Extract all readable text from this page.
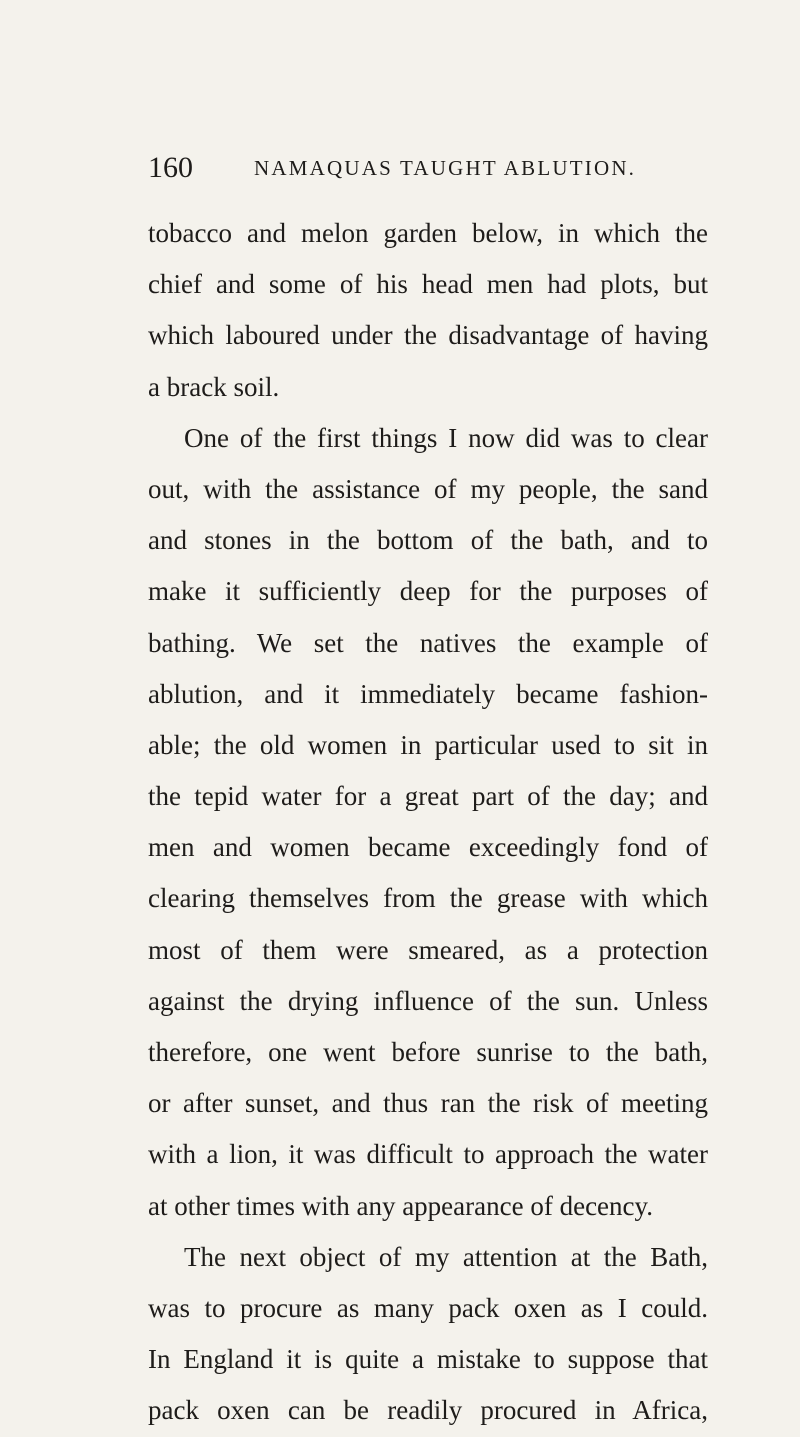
160	NAMAQUAS TAUGHT ABLUTION.
tobacco and melon garden below, in which the
chief and some of his head men had plots, but
which laboured under the disadvantage of having
a brack soil.
One of the first things I now did was to clear
out, with the assistance of my people, the sand
and stones in the bottom of the bath, and to
make it sufficiently deep for the purposes of
bathing. We set the natives the example of
ablution, and it immediately became fashion-
able; the old women in particular used to sit in
the tepid water for a great part of the day; and
men and women became exceedingly fond of
clearing themselves from the grease with which
most of them were smeared, as a protection
against the drying influence of the sun. Unless
therefore, one went before sunrise to the bath,
or after sunset, and thus ran the risk of meeting
with a lion, it was difficult to approach the water
at other times with any appearance of decency.
The next object of my attention at the Bath,
was to procure as many pack oxen as I could.
In England it is quite a mistake to suppose that
pack oxen can be readily procured in Africa,
